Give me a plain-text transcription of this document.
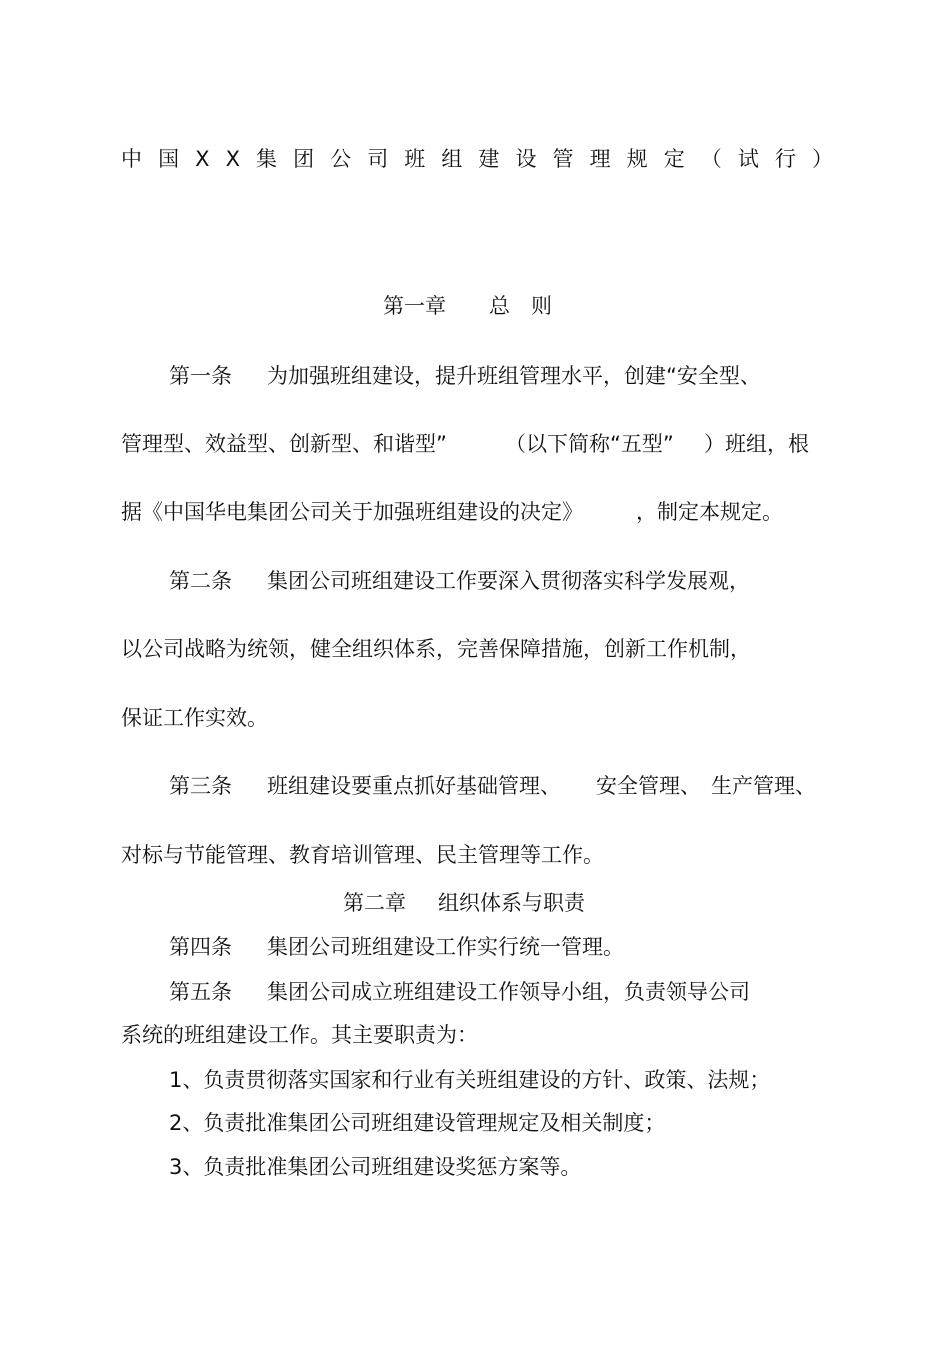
中 国 X X 集 团 公 司 班 组 建 设 管 理 规 定 （ 试 行 ）
第一章 总　则
第一条 为加强班组建设，提升班组管理水平，创建“安全型、
管理型、效益型、创新型、和谐型”	（以下简称“五型” ）班组，根
据《中国华电集团公司关于加强班组建设的决定》	，制定本规定。
第二条 集团公司班组建设工作要深入贯彻落实科学发展观，
以公司战略为统领，健全组织体系，完善保障措施，创新工作机制，
保证工作实效。
第三条 班组建设要重点抓好基础管理、 安全管理、 生产管理、
对标与节能管理、教育培训管理、民主管理等工作。
第二章 组织体系与职责
第四条 集团公司班组建设工作实行统一管理。
第五条 集团公司成立班组建设工作领导小组，负责领导公司
系统的班组建设工作。其主要职责为：
1、负责贯彻落实国家和行业有关班组建设的方针、政策、法规；
2、负责批准集团公司班组建设管理规定及相关制度；
3、负责批准集团公司班组建设奖惩方案等。
